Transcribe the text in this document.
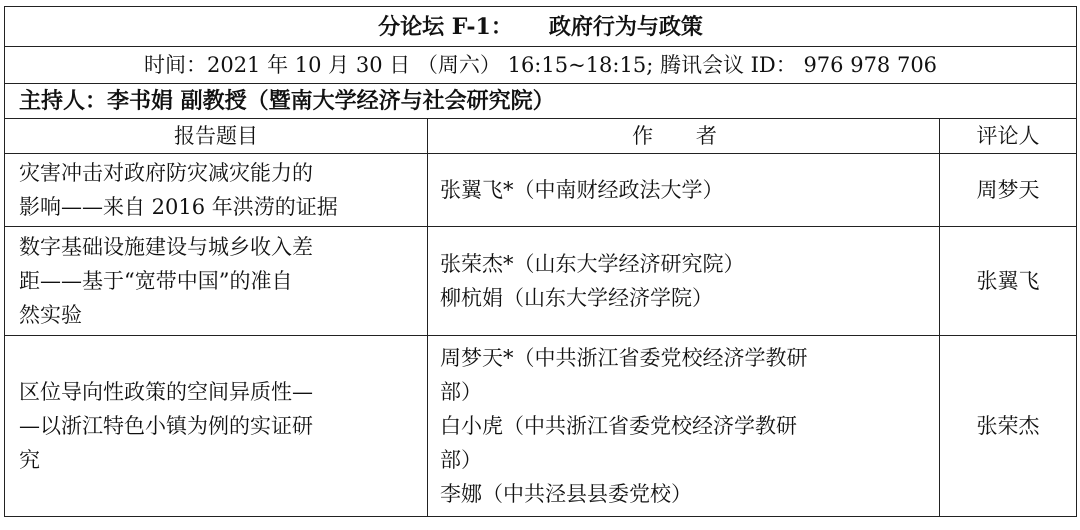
分论坛 F-1： 政府行为与政策		
时间：2021 年 10 月 30 日 （周六） 16:15~18:15; 腾讯会议 ID： 976 978 706		
主持人：李书娟 副教授（暨南大学经济与社会研究院）		
报告题目	作 者	评论人

灾害冲击对政府防灾减灾能力的
影响——来自 2016 年洪涝的证据	张翼飞*（中南财经政法大学）	周梦天

数字基础设施建设与城乡收入差
距——基于“宽带中国”的准自
然实验	张荣杰*（山东大学经济研究院）
柳杭娟（山东大学经济学院）	张翼飞

区位导向性政策的空间异质性—
—以浙江特色小镇为例的实证研
究	周梦天*（中共浙江省委党校经济学教研
部）
白小虎（中共浙江省委党校经济学教研
部）
李娜（中共泾县县委党校）	张荣杰
